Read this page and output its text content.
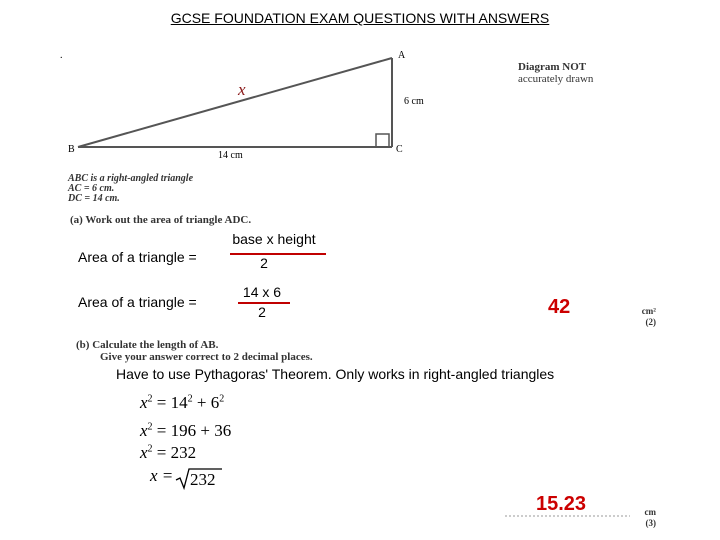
GCSE FOUNDATION EXAM QUESTIONS WITH ANSWERS
.	A
B	C
x
6 cm
14 cm
Diagram NOT
accurately drawn
ABC is a right-angled triangle
AC = 6 cm.
DC = 14 cm.
(a) Work out the area of triangle ADC.
Area of a triangle =
base x height
2
Area of a triangle =
14 x 6
2	42	cm²
(2)
(b) Calculate the length of AB.
Give your answer correct to 2 decimal places.
Have to use Pythagoras' Theorem. Only works in right-angled triangles
$x^2 = 14^2 + 6^2$
$x^2 = 196 + 36$
$x^2 = 232$
x = 232
15.23	cm
(3)
